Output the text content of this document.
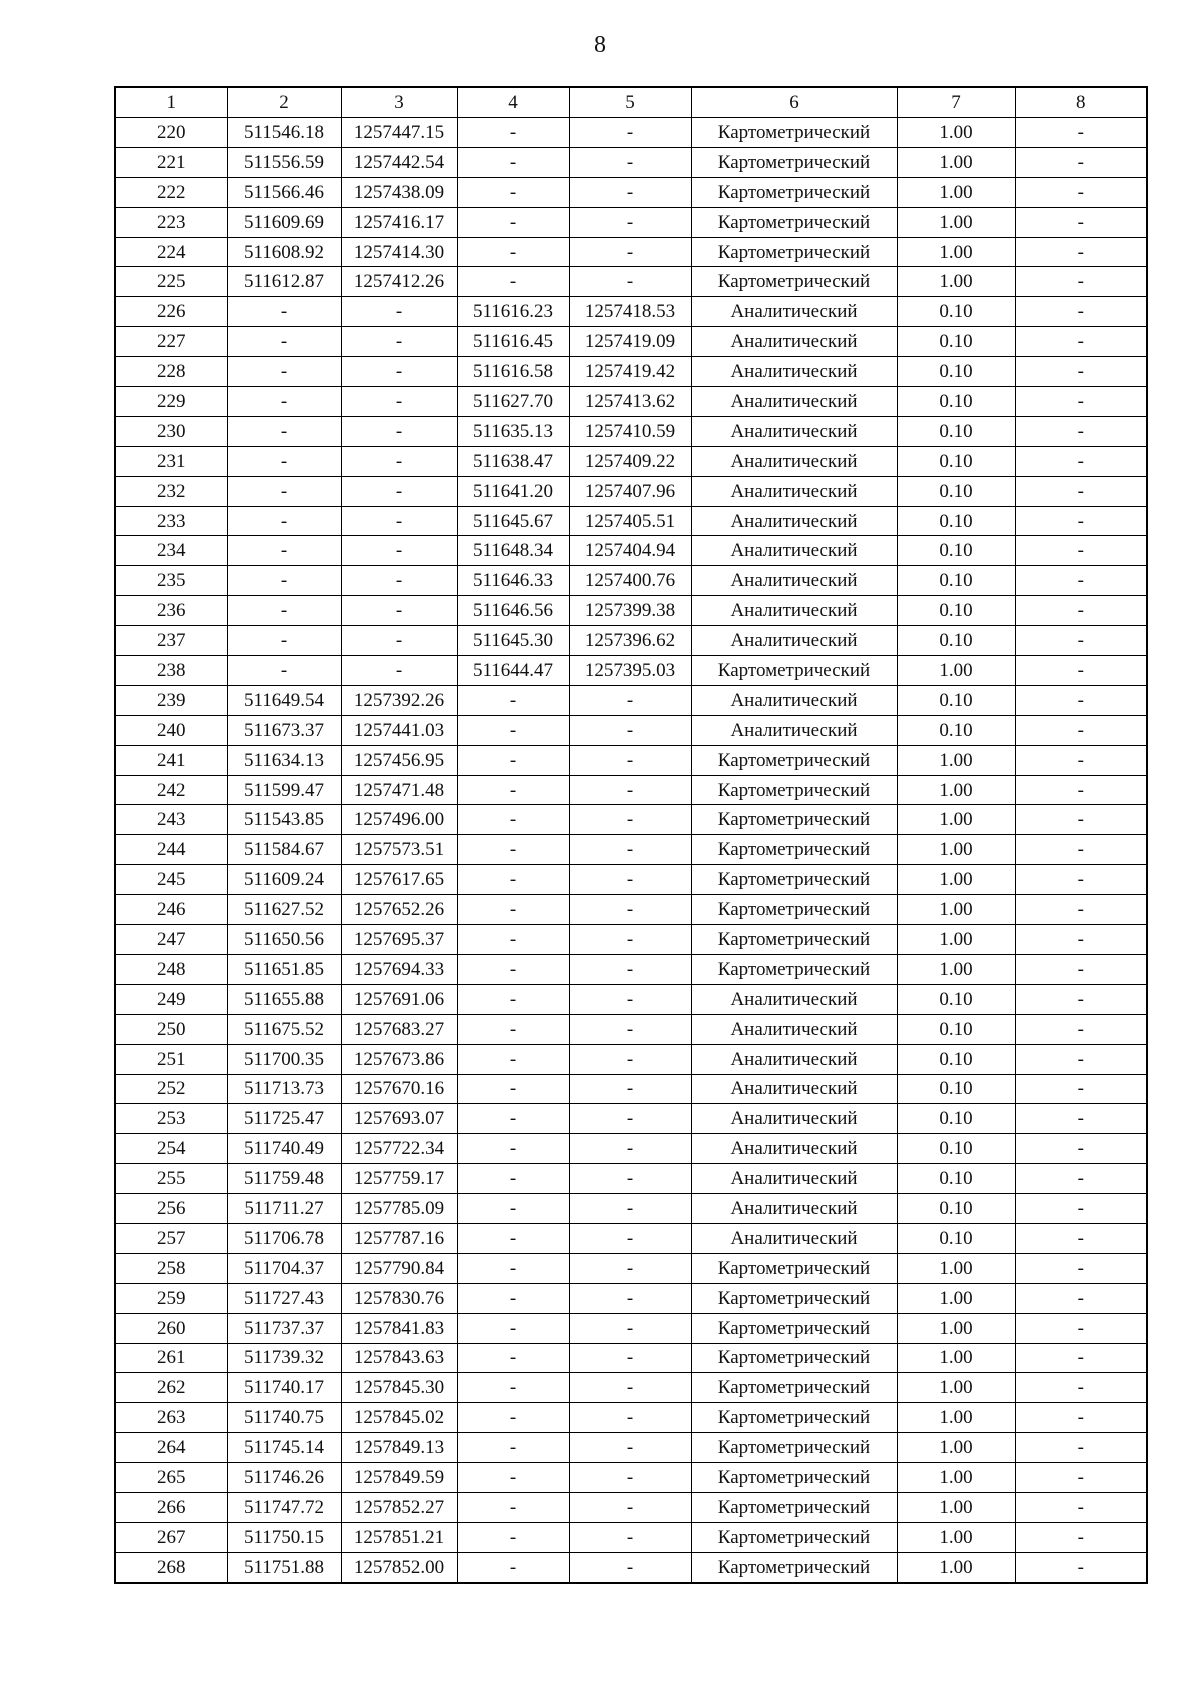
8
1	2	3	4	5	6	7	8
220	511546.18	1257447.15	-	-	Картометрический	1.00	-
221	511556.59	1257442.54	-	-	Картометрический	1.00	-
222	511566.46	1257438.09	-	-	Картометрический	1.00	-
223	511609.69	1257416.17	-	-	Картометрический	1.00	-
224	511608.92	1257414.30	-	-	Картометрический	1.00	-
225	511612.87	1257412.26	-	-	Картометрический	1.00	-
226	-	-	511616.23	1257418.53	Аналитический	0.10	-
227	-	-	511616.45	1257419.09	Аналитический	0.10	-
228	-	-	511616.58	1257419.42	Аналитический	0.10	-
229	-	-	511627.70	1257413.62	Аналитический	0.10	-
230	-	-	511635.13	1257410.59	Аналитический	0.10	-
231	-	-	511638.47	1257409.22	Аналитический	0.10	-
232	-	-	511641.20	1257407.96	Аналитический	0.10	-
233	-	-	511645.67	1257405.51	Аналитический	0.10	-
234	-	-	511648.34	1257404.94	Аналитический	0.10	-
235	-	-	511646.33	1257400.76	Аналитический	0.10	-
236	-	-	511646.56	1257399.38	Аналитический	0.10	-
237	-	-	511645.30	1257396.62	Аналитический	0.10	-
238	-	-	511644.47	1257395.03	Картометрический	1.00	-
239	511649.54	1257392.26	-	-	Аналитический	0.10	-
240	511673.37	1257441.03	-	-	Аналитический	0.10	-
241	511634.13	1257456.95	-	-	Картометрический	1.00	-
242	511599.47	1257471.48	-	-	Картометрический	1.00	-
243	511543.85	1257496.00	-	-	Картометрический	1.00	-
244	511584.67	1257573.51	-	-	Картометрический	1.00	-
245	511609.24	1257617.65	-	-	Картометрический	1.00	-
246	511627.52	1257652.26	-	-	Картометрический	1.00	-
247	511650.56	1257695.37	-	-	Картометрический	1.00	-
248	511651.85	1257694.33	-	-	Картометрический	1.00	-
249	511655.88	1257691.06	-	-	Аналитический	0.10	-
250	511675.52	1257683.27	-	-	Аналитический	0.10	-
251	511700.35	1257673.86	-	-	Аналитический	0.10	-
252	511713.73	1257670.16	-	-	Аналитический	0.10	-
253	511725.47	1257693.07	-	-	Аналитический	0.10	-
254	511740.49	1257722.34	-	-	Аналитический	0.10	-
255	511759.48	1257759.17	-	-	Аналитический	0.10	-
256	511711.27	1257785.09	-	-	Аналитический	0.10	-
257	511706.78	1257787.16	-	-	Аналитический	0.10	-
258	511704.37	1257790.84	-	-	Картометрический	1.00	-
259	511727.43	1257830.76	-	-	Картометрический	1.00	-
260	511737.37	1257841.83	-	-	Картометрический	1.00	-
261	511739.32	1257843.63	-	-	Картометрический	1.00	-
262	511740.17	1257845.30	-	-	Картометрический	1.00	-
263	511740.75	1257845.02	-	-	Картометрический	1.00	-
264	511745.14	1257849.13	-	-	Картометрический	1.00	-
265	511746.26	1257849.59	-	-	Картометрический	1.00	-
266	511747.72	1257852.27	-	-	Картометрический	1.00	-
267	511750.15	1257851.21	-	-	Картометрический	1.00	-
268	511751.88	1257852.00	-	-	Картометрический	1.00	-
